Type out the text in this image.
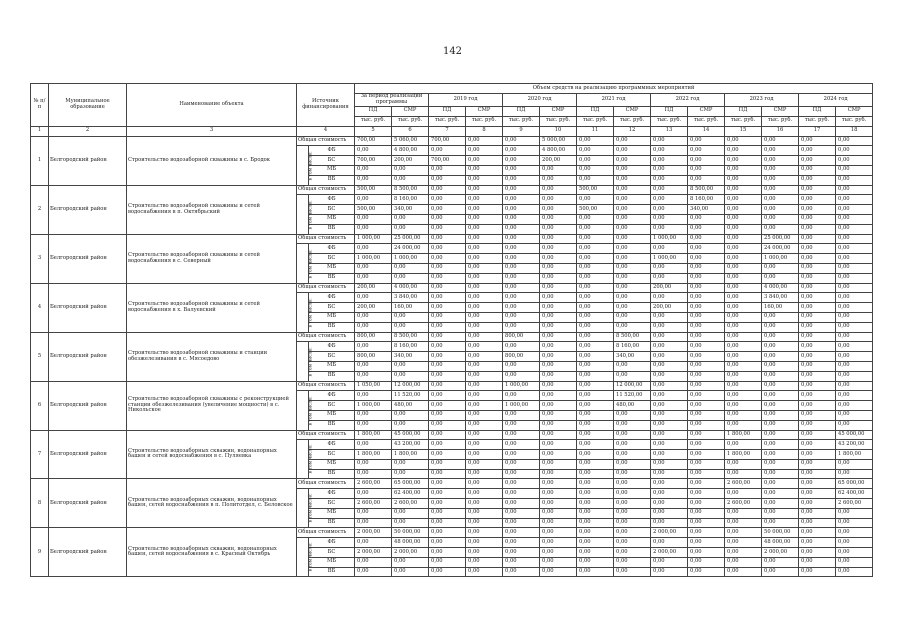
142
№ п/п	Муниципальное образование	Наименование объекта	Источник финансирования		Объем средств на реализацию программных мероприятий													
					За период реализации программы		2019 год		2020 год		2021 год		2022 год		2023 год		2024 год	
					ПД	СМР	ПД	СМР	ПД	СМР	ПД	СМР	ПД	СМР	ПД	СМР	ПД	СМР
					тыс. руб.	тыс. руб.	тыс. руб.	тыс. руб.	тыс. руб.	тыс. руб.	тыс. руб.	тыс. руб.	тыс. руб.	тыс. руб.	тыс. руб.	тыс. руб.	тыс. руб.	тыс. руб.
1	2	3	4		5	6	7	8	9	10	11	12	13	14	15	16	17	18
1	Белгородский район	Строительство водозаборной скважины в с. Бродок	Общая стоимость		700,00	5 060,00	700,00	0,00	0,00	5 000,00	0,00	0,00	0,00	0,00	0,00	0,00	0,00	0,00
			в том числе:	ФБ	0,00	4 800,00	0,00	0,00	0,00	4 800,00	0,00	0,00	0,00	0,00	0,00	0,00	0,00	0,00
				БС	700,00	200,00	700,00	0,00	0,00	200,00	0,00	0,00	0,00	0,00	0,00	0,00	0,00	0,00
				МБ	0,00	0,00	0,00	0,00	0,00	0,00	0,00	0,00	0,00	0,00	0,00	0,00	0,00	0,00
				ВБ	0,00	0,00	0,00	0,00	0,00	0,00	0,00	0,00	0,00	0,00	0,00	0,00	0,00	0,00
2	Белгородский район	Строительство водозаборной скважины и сетей водоснабжения в п. Октябрьский	Общая стоимость		500,00	8 500,00	0,00	0,00	0,00	0,00	500,00	0,00	0,00	8 500,00	0,00	0,00	0,00	0,00
			в том числе:	ФБ	0,00	8 160,00	0,00	0,00	0,00	0,00	0,00	0,00	0,00	8 160,00	0,00	0,00	0,00	0,00
				БС	500,00	340,00	0,00	0,00	0,00	0,00	500,00	0,00	0,00	340,00	0,00	0,00	0,00	0,00
				МБ	0,00	0,00	0,00	0,00	0,00	0,00	0,00	0,00	0,00	0,00	0,00	0,00	0,00	0,00
				ВБ	0,00	0,00	0,00	0,00	0,00	0,00	0,00	0,00	0,00	0,00	0,00	0,00	0,00	0,00
3	Белгородский район	Строительство водозаборной скважины и сетей водоснабжения в с. Северный	Общая стоимость		1 000,00	25 000,00	0,00	0,00	0,00	0,00	0,00	0,00	1 000,00	0,00	0,00	25 000,00	0,00	0,00
			в том числе:	ФБ	0,00	24 000,00	0,00	0,00	0,00	0,00	0,00	0,00	0,00	0,00	0,00	24 000,00	0,00	0,00
				БС	1 000,00	1 000,00	0,00	0,00	0,00	0,00	0,00	0,00	1 000,00	0,00	0,00	1 000,00	0,00	0,00
				МБ	0,00	0,00	0,00	0,00	0,00	0,00	0,00	0,00	0,00	0,00	0,00	0,00	0,00	0,00
				ВБ	0,00	0,00	0,00	0,00	0,00	0,00	0,00	0,00	0,00	0,00	0,00	0,00	0,00	0,00
4	Белгородский район	Строительство водозаборной скважины и сетей водоснабжения в х. Валуевский	Общая стоимость		200,00	4 000,00	0,00	0,00	0,00	0,00	0,00	0,00	200,00	0,00	0,00	4 000,00	0,00	0,00
			в том числе:	ФБ	0,00	3 840,00	0,00	0,00	0,00	0,00	0,00	0,00	0,00	0,00	0,00	3 840,00	0,00	0,00
				БС	200,00	160,00	0,00	0,00	0,00	0,00	0,00	0,00	200,00	0,00	0,00	160,00	0,00	0,00
				МБ	0,00	0,00	0,00	0,00	0,00	0,00	0,00	0,00	0,00	0,00	0,00	0,00	0,00	0,00
				ВБ	0,00	0,00	0,00	0,00	0,00	0,00	0,00	0,00	0,00	0,00	0,00	0,00	0,00	0,00
5	Белгородский район	Строительство водозаборной скважины и станции обезжелезивания в с. Мясоедово	Общая стоимость		800,00	8 500,00	0,00	0,00	800,00	0,00	0,00	8 500,00	0,00	0,00	0,00	0,00	0,00	0,00
			в том числе:	ФБ	0,00	8 160,00	0,00	0,00	0,00	0,00	0,00	8 160,00	0,00	0,00	0,00	0,00	0,00	0,00
				БС	800,00	340,00	0,00	0,00	800,00	0,00	0,00	340,00	0,00	0,00	0,00	0,00	0,00	0,00
				МБ	0,00	0,00	0,00	0,00	0,00	0,00	0,00	0,00	0,00	0,00	0,00	0,00	0,00	0,00
				ВБ	0,00	0,00	0,00	0,00	0,00	0,00	0,00	0,00	0,00	0,00	0,00	0,00	0,00	0,00
6	Белгородский район	Строительство водозаборной скважины с реконструкцией станции обезжелезивания (увеличение мощности) в с. Никольское	Общая стоимость		1 050,00	12 000,00	0,00	0,00	1 000,00	0,00	0,00	12 000,00	0,00	0,00	0,00	0,00	0,00	0,00
			в том числе:	ФБ	0,00	11 520,00	0,00	0,00	0,00	0,00	0,00	11 520,00	0,00	0,00	0,00	0,00	0,00	0,00
				БС	1 000,00	480,00	0,00	0,00	1 000,00	0,00	0,00	480,00	0,00	0,00	0,00	0,00	0,00	0,00
				МБ	0,00	0,00	0,00	0,00	0,00	0,00	0,00	0,00	0,00	0,00	0,00	0,00	0,00	0,00
				ВБ	0,00	0,00	0,00	0,00	0,00	0,00	0,00	0,00	0,00	0,00	0,00	0,00	0,00	0,00
7	Белгородский район	Строительство водозаборных скважин, водонапорных башен и сетей водоснабжения в с. Пуляевка	Общая стоимость		1 800,00	45 000,00	0,00	0,00	0,00	0,00	0,00	0,00	0,00	0,00	1 800,00	0,00	0,00	45 000,00
			в том числе:	ФБ	0,00	43 200,00	0,00	0,00	0,00	0,00	0,00	0,00	0,00	0,00	0,00	0,00	0,00	43 200,00
				БС	1 800,00	1 800,00	0,00	0,00	0,00	0,00	0,00	0,00	0,00	0,00	1 800,00	0,00	0,00	1 800,00
				МБ	0,00	0,00	0,00	0,00	0,00	0,00	0,00	0,00	0,00	0,00	0,00	0,00	0,00	0,00
				ВБ	0,00	0,00	0,00	0,00	0,00	0,00	0,00	0,00	0,00	0,00	0,00	0,00	0,00	0,00
8	Белгородский район	Строительство водозаборных скважин, водонапорных башен, сетей водоснабжения в п. Политотдел, с. Беловское	Общая стоимость		2 600,00	65 000,00	0,00	0,00	0,00	0,00	0,00	0,00	0,00	0,00	2 600,00	0,00	0,00	65 000,00
			в том числе:	ФБ	0,00	62 400,00	0,00	0,00	0,00	0,00	0,00	0,00	0,00	0,00	0,00	0,00	0,00	62 400,00
				БС	2 600,00	2 600,00	0,00	0,00	0,00	0,00	0,00	0,00	0,00	0,00	2 600,00	0,00	0,00	2 600,00
				МБ	0,00	0,00	0,00	0,00	0,00	0,00	0,00	0,00	0,00	0,00	0,00	0,00	0,00	0,00
				ВБ	0,00	0,00	0,00	0,00	0,00	0,00	0,00	0,00	0,00	0,00	0,00	0,00	0,00	0,00
9	Белгородский район	Строительство водозаборных скважин, водонапорных башен, сетей водоснабжения в с. Красный Октябрь	Общая стоимость		2 000,00	50 000,00	0,00	0,00	0,00	0,00	0,00	0,00	2 000,00	0,00	0,00	50 000,00	0,00	0,00
			в том числе:	ФБ	0,00	48 000,00	0,00	0,00	0,00	0,00	0,00	0,00	0,00	0,00	0,00	48 000,00	0,00	0,00
				БС	2 000,00	2 000,00	0,00	0,00	0,00	0,00	0,00	0,00	2 000,00	0,00	0,00	2 000,00	0,00	0,00
				МБ	0,00	0,00	0,00	0,00	0,00	0,00	0,00	0,00	0,00	0,00	0,00	0,00	0,00	0,00
				ВБ	0,00	0,00	0,00	0,00	0,00	0,00	0,00	0,00	0,00	0,00	0,00	0,00	0,00	0,00
